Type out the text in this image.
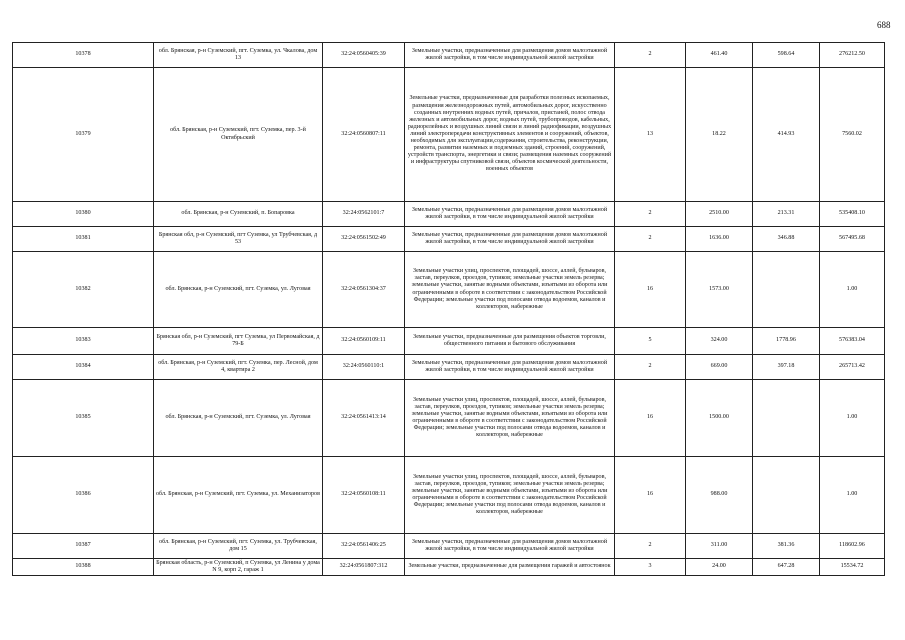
688
10378	обл. Брянская, р-н Суземский, пгт. Суземка, ул. Чкалова, дом 13	32:24:0560405:39	Земельные участки, предназначенные для размещения домов малоэтажной жилой застройки, в том числе индивидуальной жилой застройки	2	461.40	598.64	276212.50
10379	обл. Брянская, р-н Суземский, пгт. Суземка, пер. 3-й Октябрьский	32:24:0560807:11	Земельные участки, предназначенные для разработки полезных ископаемых, размещения железнодорожных путей, автомобильных дорог, искусственно созданных внутренних водных путей, причалов, пристаней, полос отвода железных и автомобильных дорог, водных путей, трубопроводов, кабельных, радиорелейных и воздушных линий связи и линий радиофикации, воздушных линий электропередачи конструктивных элементов и сооружений, объектов, необходимых для эксплуатации,содержания, строительства, реконструкции, ремонта, развития наземных и подземных зданий, строений, сооружений, устройств транспорта, энергетики и связи; размещения наземных сооружений и инфраструктуры спутниковой связи, объектов космической деятельности, военных объектов	13	18.22	414.93	7560.02
10380	обл. Брянская, р-н Суземский, п. Бопаровка	32:24:0562101:7	Земельные участки, предназначенные для размещения домов малоэтажной жилой застройки, в том числе индивидуальной жилой застройки	2	2510.00	213.31	535408.10
10381	Брянская обл, р-н Суземский, пгт Суземка, ул Трубчевская, д 53	32:24:0561502:49	Земельные участки, предназначенные для размещения домов малоэтажной жилой застройки, в том числе индивидуальной жилой застройки	2	1636.00	346.88	567495.68
10382	обл. Брянская, р-н Суземский, пгт. Суземка, ул. Луговая	32:24:0561304:37	Земельные участки улиц, проспектов, площадей, шоссе, аллей, бульваров, застав, переулков, проездов, тупиков; земельные участки земель резерва; земельные участки, занятые водными объектами, изъятыми из оборота или ограниченными в обороте в соответствии с законодательством Российской Федерации; земельные участки под полосами отвода водоемов, каналов и коллекторов, набережные	16	1573.00		1.00
10383	Брянская обл, р-н Суземский, пгт Суземка, ул Первомайская, д 79-Б	32:24:0560109:11	Земельные участки, предназначенные для размещения объектов торговли, общественного питания и бытового обслуживания	5	324.00	1778.96	576383.04
10384	обл. Брянская, р-н Суземский, пгт. Суземка, пер. Лесной, дом 4, квартира 2	32:24:0560110:1	Земельные участки, предназначенные для размещения домов малоэтажной жилой застройки, в том числе индивидуальной жилой застройки	2	669.00	397.18	265713.42
10385	обл. Брянская, р-н Суземский, пгт. Суземка, ул. Луговая	32:24:0561413:14	Земельные участки улиц, проспектов, площадей, шоссе, аллей, бульваров, застав, переулков, проездов, тупиков; земельные участки земель резерва; земельные участки, занятые водными объектами, изъятыми из оборота или ограниченными в обороте в соответствии с законодательством Российской Федерации; земельные участки под полосами отвода водоемов, каналов и коллекторов, набережные	16	1500.00		1.00
10386	обл. Брянская, р-н Суземский, пгт. Суземка, ул. Механизаторов	32:24:0560108:11	Земельные участки улиц, проспектов, площадей, шоссе, аллей, бульваров, застав, переулков, проездов, тупиков; земельные участки земель резерва; земельные участки, занятые водными объектами, изъятыми из оборота или ограниченными в обороте в соответствии с законодательством Российской Федерации; земельные участки под полосами отвода водоемов, каналов и коллекторов, набережные	16	988.00		1.00
10387	обл. Брянская, р-н Суземский, пгт. Суземка, ул. Трубчевская, дом 15	32:24:0561406:25	Земельные участки, предназначенные для размещения домов малоэтажной жилой застройки, в том числе индивидуальной жилой застройки	2	311.00	381.36	118602.96
10388	Брянская область, р-н Суземский, п Суземка, ул Ленина у дома N 9, корп 2, гараж 1	32:24:0561807:312	Земельные участки, предназначенные для размещения гаражей и автостоянок	3	24.00	647.28	15534.72
